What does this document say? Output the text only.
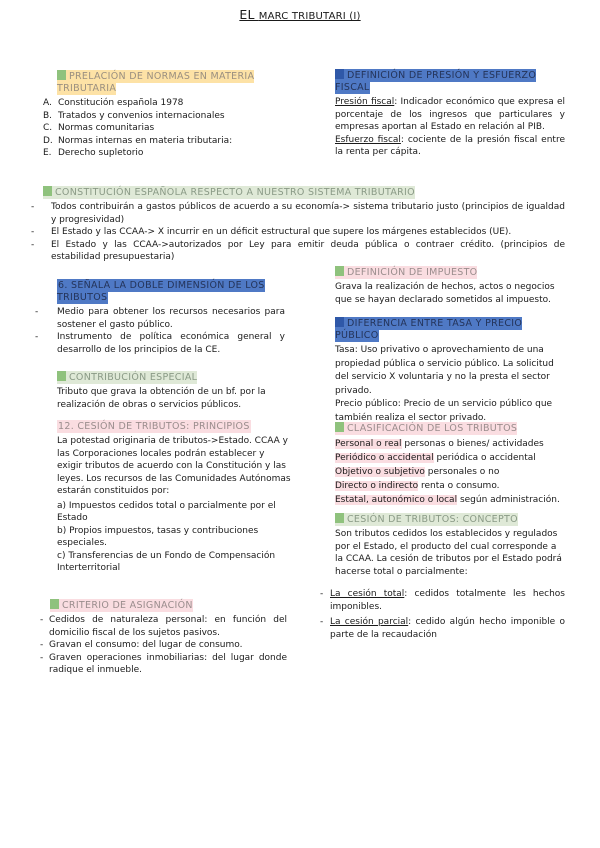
EL MARC TRIBUTARI (I)
PRELACIÓN DE NORMAS EN MATERIA TRIBUTARIA
A. Constitución española 1978
B. Tratados y convenios internacionales
C. Normas comunitarias
D. Normas internas en materia tributaria:
E. Derecho supletorio
DEFINICIÓN DE PRESIÓN Y ESFUERZO FISCAL
Presión fiscal: Indicador económico que expresa el porcentaje de los ingresos que particulares y empresas aportan al Estado en relación al PIB.
Esfuerzo fiscal: cociente de la presión fiscal entre la renta per cápita.
CONSTITUCIÓN ESPAÑOLA RESPECTO A NUESTRO SISTEMA TRIBUTARIO
- Todos contribuirán a gastos públicos de acuerdo a su economía-> sistema tributario justo (principios de igualdad y progresividad)
- El Estado y las CCAA-> X incurrir en un déficit estructural que supere los márgenes establecidos (UE).
- El Estado y las CCAA->autorizados por Ley para emitir deuda pública o contraer crédito. (principios de estabilidad presupuestaria)
6. SEÑALA LA DOBLE DIMENSIÓN DE LOS TRIBUTOS
- Medio para obtener los recursos necesarios para sostener el gasto público.
- Instrumento de política económica general y desarrollo de los principios de la CE.
CONTRIBUCIÓN ESPECIAL
Tributo que grava la obtención de un bf. por la realización de obras o servicios públicos.
12. CESIÓN DE TRIBUTOS: PRINCIPIOS
La potestad originaria de tributos->Estado. CCAA y las Corporaciones locales podrán establecer y exigir tributos de acuerdo con la Constitución y las leyes. Los recursos de las Comunidades Autónomas estarán constituidos por:
a) Impuestos cedidos total o parcialmente por el Estado
b) Propios impuestos, tasas y contribuciones especiales.
c) Transferencias de un Fondo de Compensación Interterritorial
CRITERIO DE ASIGNACIÓN
- Cedidos de naturaleza personal: en función del domicilio fiscal de los sujetos pasivos.
- Gravan el consumo: del lugar de consumo.
- Graven operaciones inmobiliarias: del lugar donde radique el inmueble.
DEFINICIÓN DE IMPUESTO
Grava la realización de hechos, actos o negocios que se hayan declarado sometidos al impuesto.
DIFERENCIA ENTRE TASA Y PRECIO PÚBLICO
Tasa: Uso privativo o aprovechamiento de una propiedad pública o servicio público. La solicitud del servicio X voluntaria y no la presta el sector privado.
Precio público: Precio de un servicio público que también realiza el sector privado.
CLASIFICACIÓN DE LOS TRIBUTOS
Personal o real personas o bienes/ actividades
Periódico o accidental periódica o accidental
Objetivo o subjetivo personales o no
Directo o indirecto renta o consumo.
Estatal, autonómico o local según administración.
CESIÓN DE TRIBUTOS: CONCEPTO
Son tributos cedidos los establecidos y regulados por el Estado, el producto del cual corresponde a la CCAA. La cesión de tributos por el Estado podrá hacerse total o parcialmente:
- La cesión total: cedidos totalmente les hechos imponibles.
- La cesión parcial: cedido algún hecho imponible o parte de la recaudación
